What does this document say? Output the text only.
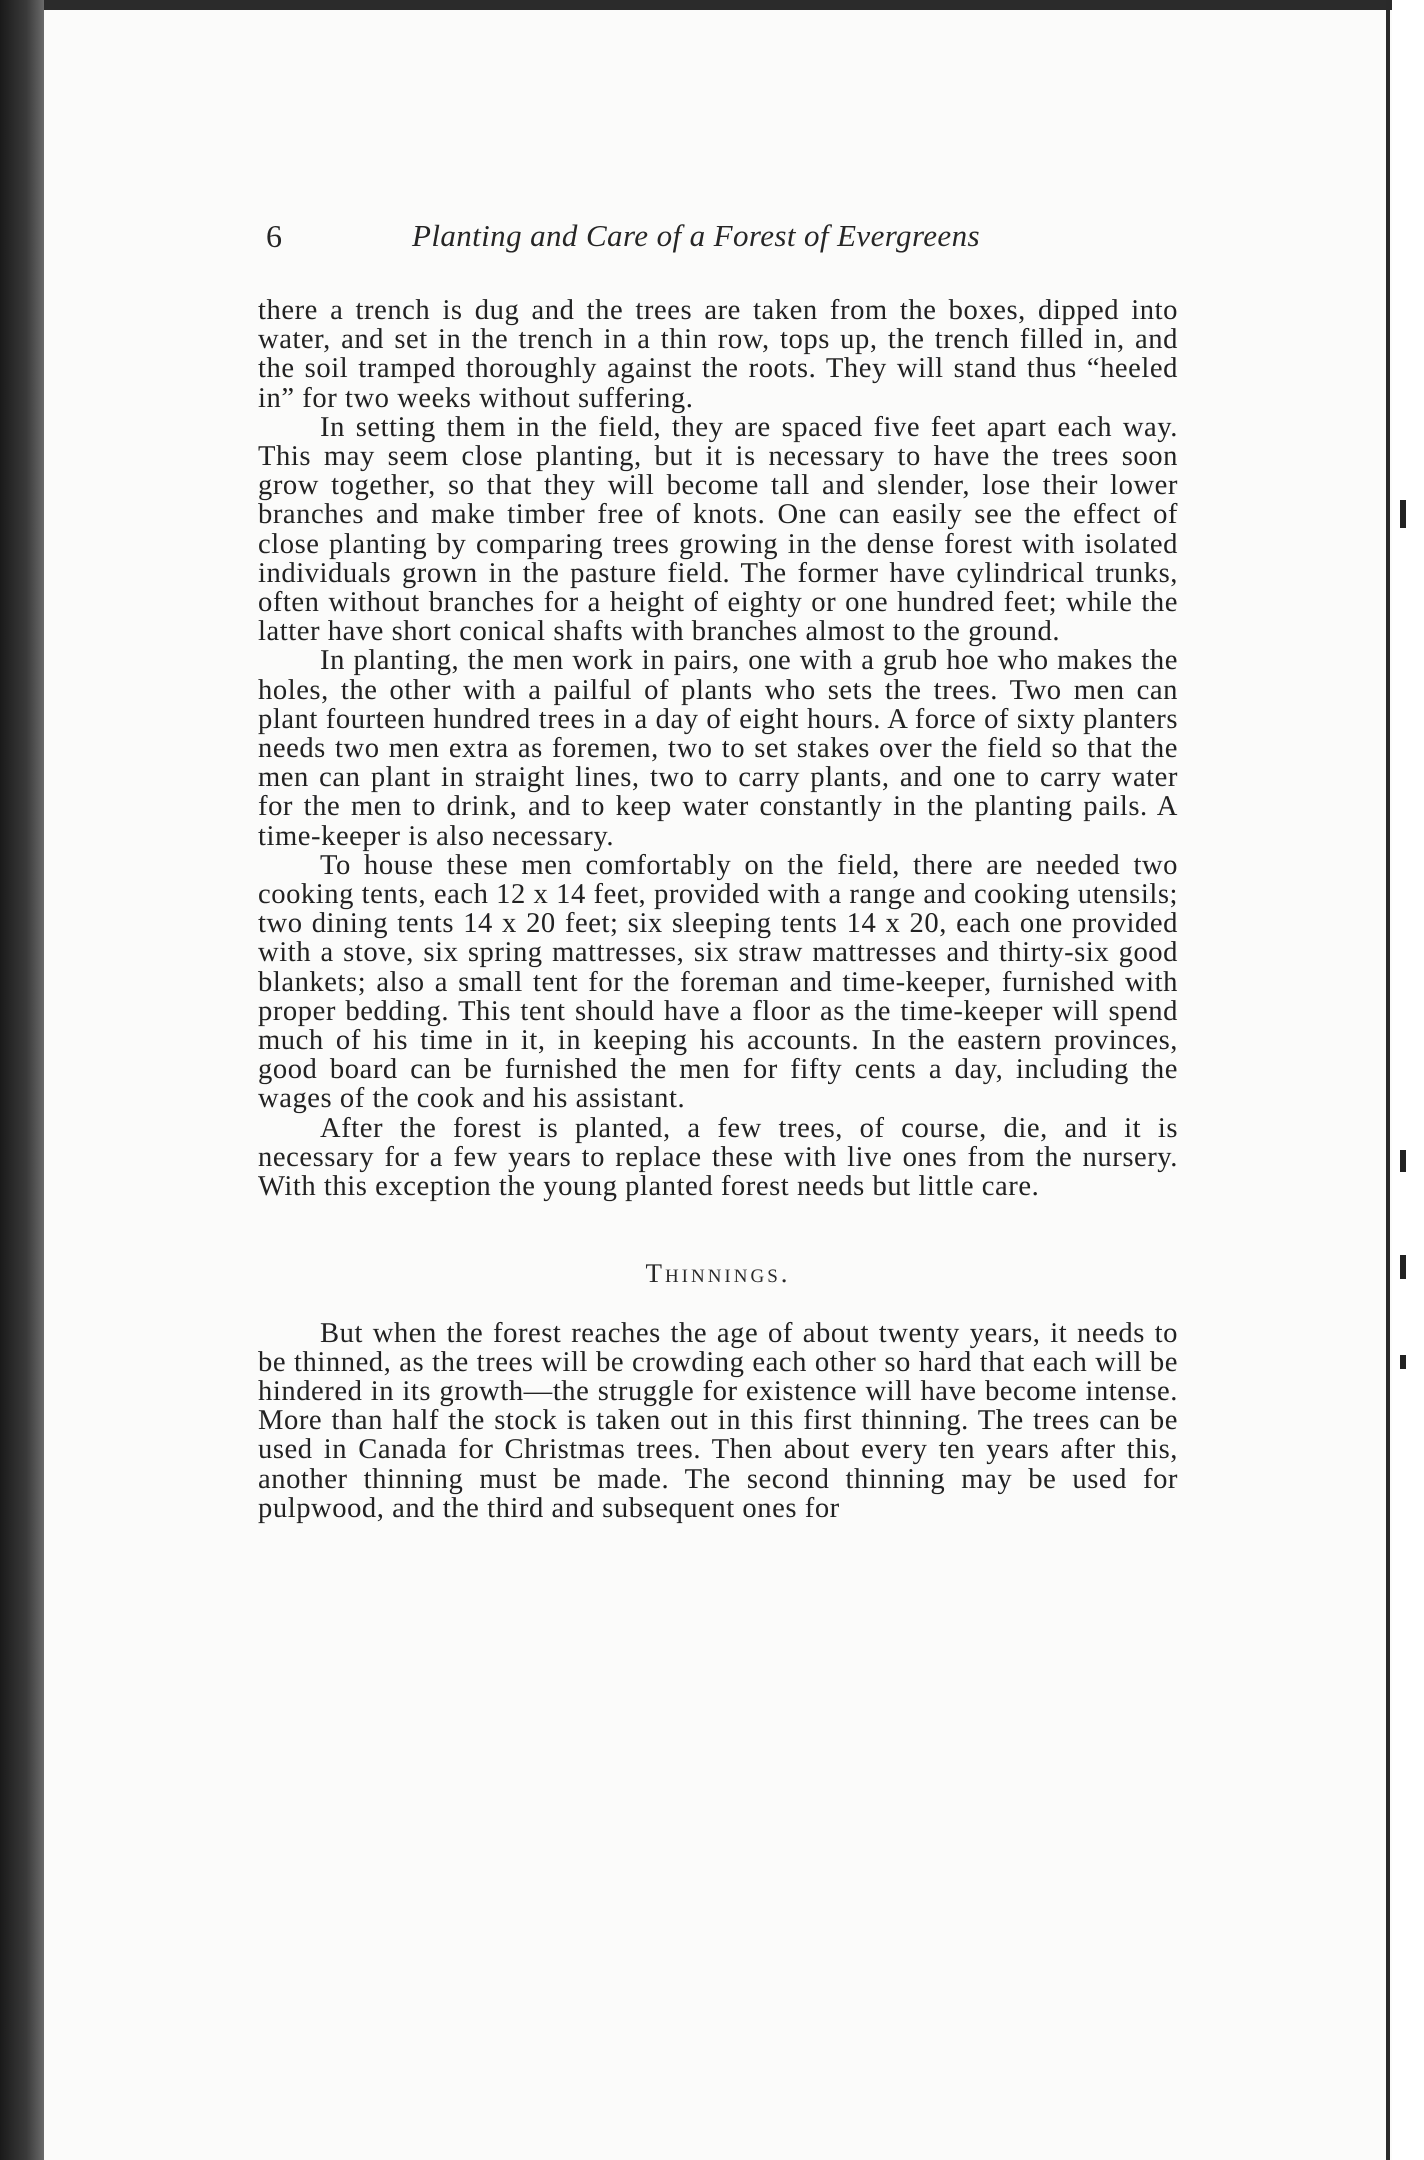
6	Planting and Care of a Forest of Evergreens

there a trench is dug and the trees are taken from the boxes, dipped into water, and set in the trench in a thin row, tops up, the trench filled in, and the soil tramped thoroughly against the roots. They will stand thus “heeled in” for two weeks without suffering.

In setting them in the field, they are spaced five feet apart each way. This may seem close planting, but it is necessary to have the trees soon grow together, so that they will become tall and slender, lose their lower branches and make timber free of knots. One can easily see the effect of close planting by comparing trees growing in the dense forest with isolated individuals grown in the pasture field. The former have cylindrical trunks, often without branches for a height of eighty or one hundred feet; while the latter have short conical shafts with branches almost to the ground.

In planting, the men work in pairs, one with a grub hoe who makes the holes, the other with a pailful of plants who sets the trees. Two men can plant fourteen hundred trees in a day of eight hours. A force of sixty planters needs two men extra as foremen, two to set stakes over the field so that the men can plant in straight lines, two to carry plants, and one to carry water for the men to drink, and to keep water constantly in the planting pails. A time-keeper is also necessary.

To house these men comfortably on the field, there are needed two cooking tents, each 12 x 14 feet, provided with a range and cooking utensils; two dining tents 14 x 20 feet; six sleeping tents 14 x 20, each one provided with a stove, six spring mattresses, six straw mattresses and thirty-six good blankets; also a small tent for the foreman and time-keeper, furnished with proper bedding. This tent should have a floor as the time-keeper will spend much of his time in it, in keeping his accounts. In the eastern provinces, good board can be furnished the men for fifty cents a day, including the wages of the cook and his assistant.

After the forest is planted, a few trees, of course, die, and it is necessary for a few years to replace these with live ones from the nursery. With this exception the young planted forest needs but little care.

Thinnings.

But when the forest reaches the age of about twenty years, it needs to be thinned, as the trees will be crowding each other so hard that each will be hindered in its growth—the struggle for existence will have become intense. More than half the stock is taken out in this first thinning. The trees can be used in Canada for Christmas trees. Then about every ten years after this, another thinning must be made. The second thinning may be used for pulpwood, and the third and subsequent ones for
